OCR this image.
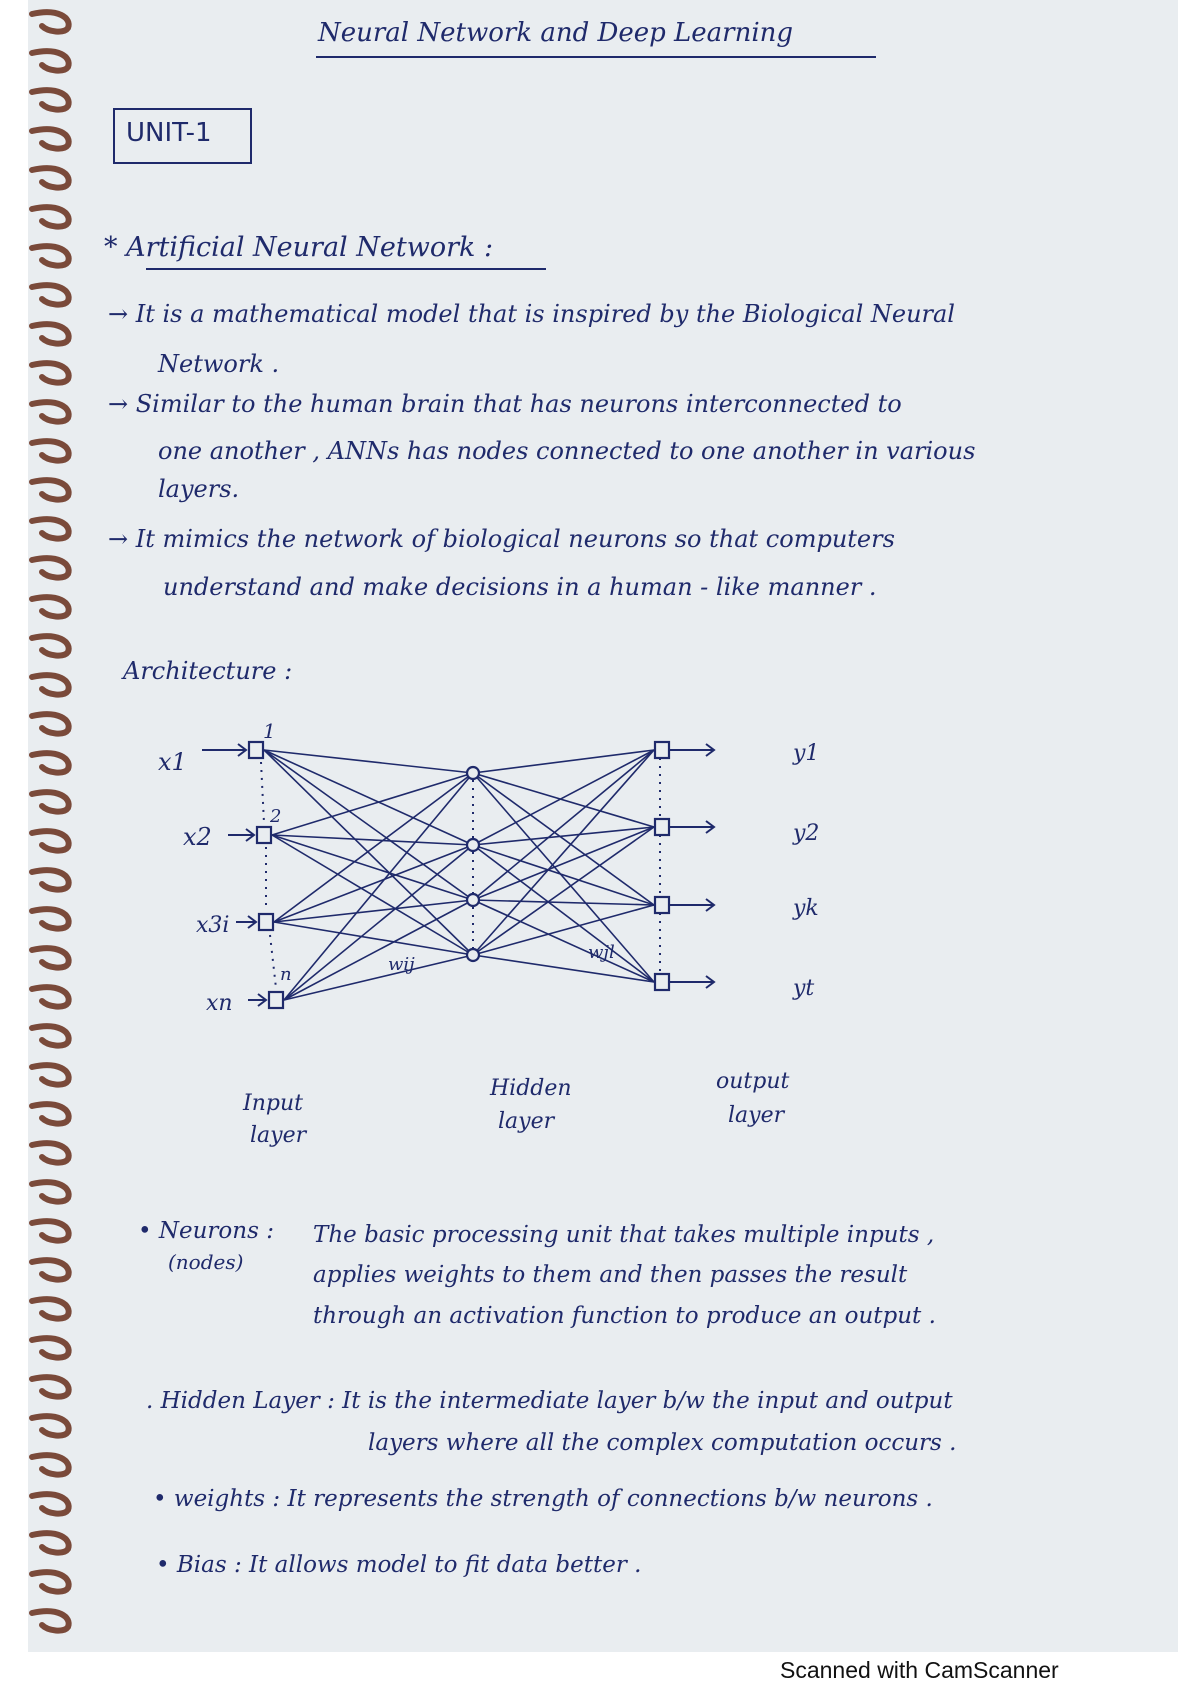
Neural Network and Deep Learning
UNIT-1
* Artificial Neural Network :
→ It is a mathematical model that is inspired by the Biological Neural
Network .
→ Similar to the human brain that has neurons interconnected to
one another , ANNs has nodes connected to one another in various
layers.
→ It mimics the network of biological neurons so that computers
understand and make decisions in a human - like manner .
Architecture :
x1
x2
x3i
xn
1
2
n
y1
y2
yk
yt
wij
wjl
Input
layer
Hidden
layer
output
layer
• Neurons :
(nodes)
The basic processing unit that takes multiple inputs ,
applies weights to them and then passes the result
through an activation function to produce an output .
. Hidden Layer : It is the intermediate layer b/w the input and output
layers where all the complex computation occurs .
• weights : It represents the strength of connections b/w neurons .
• Bias : It allows model to fit data better .
Scanned with CamScanner
